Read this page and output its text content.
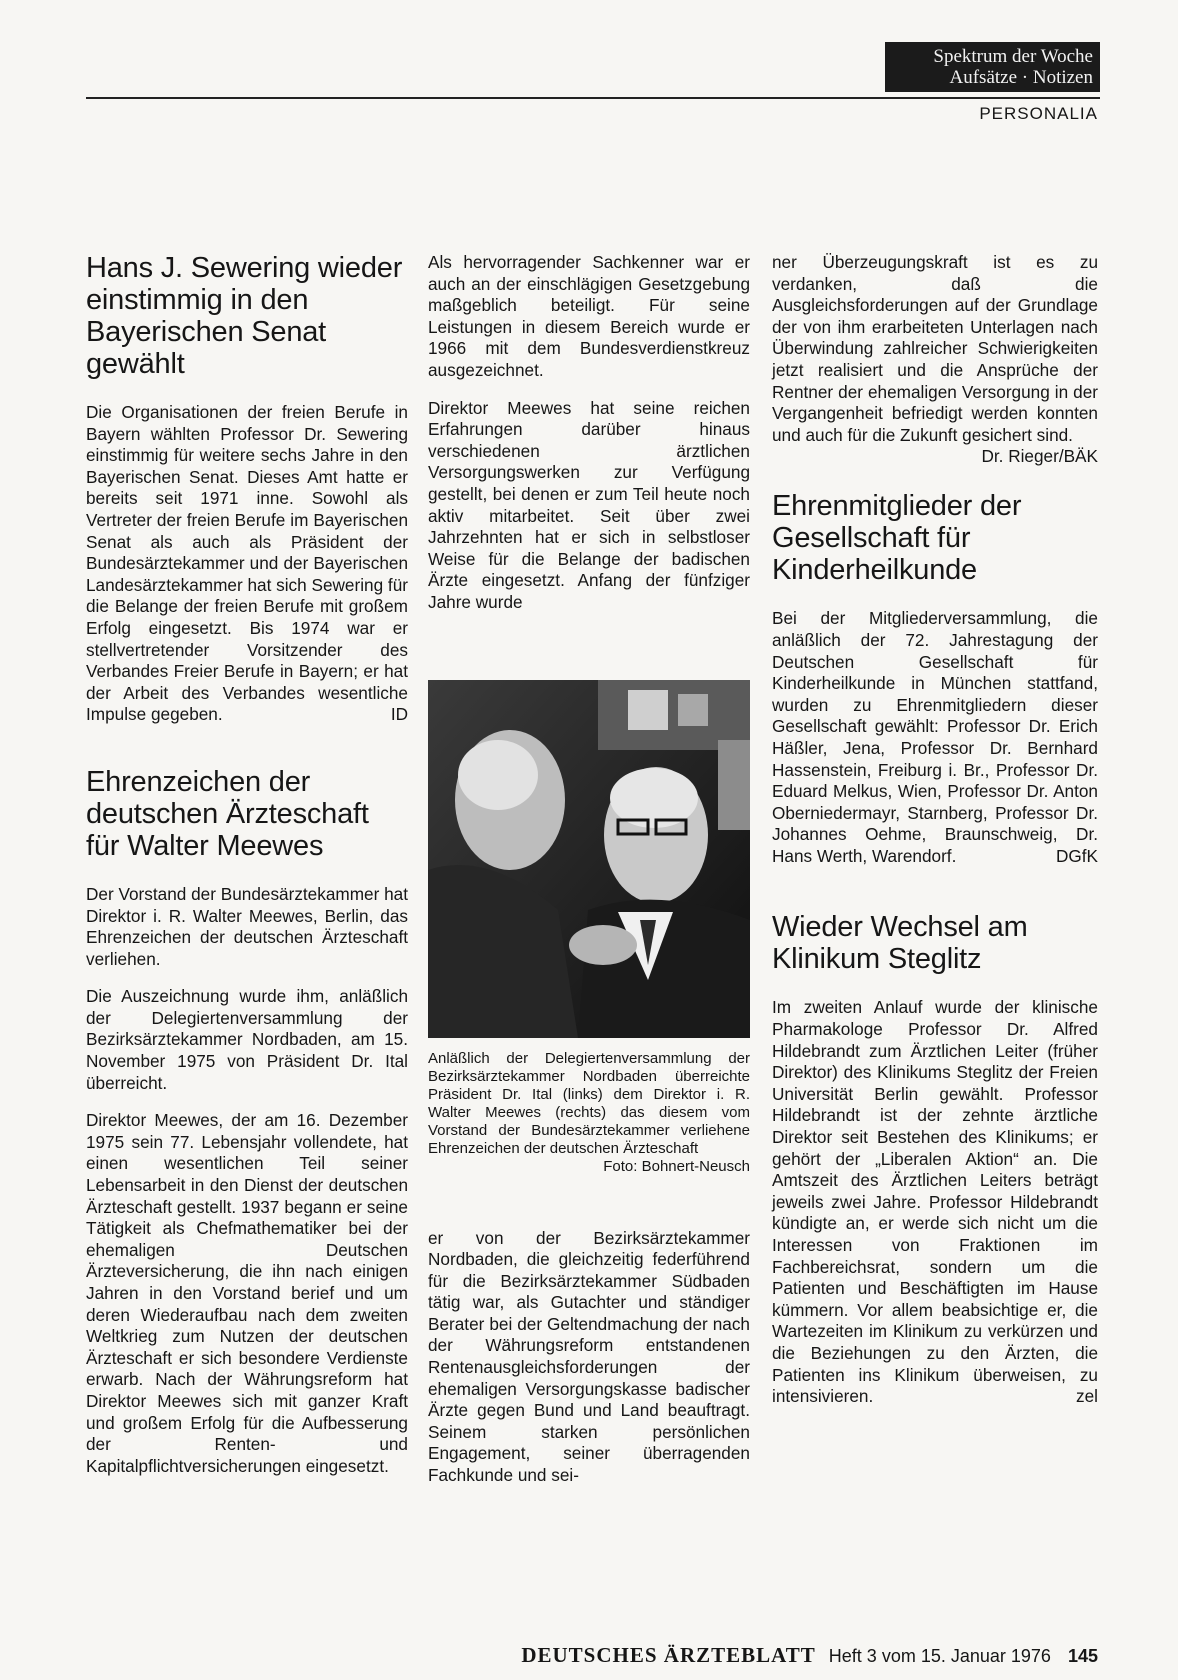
Spektrum der Woche
Aufsätze · Notizen
PERSONALIA
Hans J. Sewering wieder einstimmig in den Bayerischen Senat gewählt

Die Organisationen der freien Berufe in Bayern wählten Professor Dr. Sewering einstimmig für weitere sechs Jahre in den Bayerischen Senat. Dieses Amt hatte er bereits seit 1971 inne. Sowohl als Vertreter der freien Berufe im Bayerischen Senat als auch als Präsident der Bundesärztekammer und der Bayerischen Landesärztekammer hat sich Sewering für die Belange der freien Berufe mit großem Erfolg eingesetzt. Bis 1974 war er stellvertretender Vorsitzender des Verbandes Freier Berufe in Bayern; er hat der Arbeit des Verbandes wesentliche Impulse gegeben.	ID

Ehrenzeichen der deutschen Ärzteschaft für Walter Meewes

Der Vorstand der Bundesärztekammer hat Direktor i. R. Walter Meewes, Berlin, das Ehrenzeichen der deutschen Ärzteschaft verliehen.

Die Auszeichnung wurde ihm, anläßlich der Delegiertenversammlung der Bezirksärztekammer Nordbaden, am 15. November 1975 von Präsident Dr. Ital überreicht.

Direktor Meewes, der am 16. Dezember 1975 sein 77. Lebensjahr vollendete, hat einen wesentlichen Teil seiner Lebensarbeit in den Dienst der deutschen Ärzteschaft gestellt. 1937 begann er seine Tätigkeit als Chefmathematiker bei der ehemaligen Deutschen Ärzteversicherung, die ihn nach einigen Jahren in den Vorstand berief und um deren Wiederaufbau nach dem zweiten Weltkrieg zum Nutzen der deutschen Ärzteschaft er sich besondere Verdienste erwarb. Nach der Währungsreform hat Direktor Meewes sich mit ganzer Kraft und großem Erfolg für die Aufbesserung der Renten- und Kapitalpflichtversicherungen eingesetzt.

Als hervorragender Sachkenner war er auch an der einschlägigen Gesetzgebung maßgeblich beteiligt. Für seine Leistungen in diesem Bereich wurde er 1966 mit dem Bundesverdienstkreuz ausgezeichnet.

Direktor Meewes hat seine reichen Erfahrungen darüber hinaus verschiedenen ärztlichen Versorgungswerken zur Verfügung gestellt, bei denen er zum Teil heute noch aktiv mitarbeitet. Seit über zwei Jahrzehnten hat er sich in selbstloser Weise für die Belange der badischen Ärzte eingesetzt. Anfang der fünfziger Jahre wurde

Anläßlich der Delegiertenversammlung der Bezirksärztekammer Nordbaden überreichte Präsident Dr. Ital (links) dem Direktor i. R. Walter Meewes (rechts) das diesem vom Vorstand der Bundesärztekammer verliehene Ehrenzeichen der deutschen Ärzteschaft
Foto: Bohnert-Neusch

er von der Bezirksärztekammer Nordbaden, die gleichzeitig federführend für die Bezirksärztekammer Südbaden tätig war, als Gutachter und ständiger Berater bei der Geltendmachung der nach der Währungsreform entstandenen Rentenausgleichsforderungen der ehemaligen Versorgungskasse badischer Ärzte gegen Bund und Land beauftragt. Seinem starken persönlichen Engagement, seiner überragenden Fachkunde und sei-

ner Überzeugungskraft ist es zu verdanken, daß die Ausgleichsforderungen auf der Grundlage der von ihm erarbeiteten Unterlagen nach Überwindung zahlreicher Schwierigkeiten jetzt realisiert und die Ansprüche der Rentner der ehemaligen Versorgung in der Vergangenheit befriedigt werden konnten und auch für die Zukunft gesichert sind.
Dr. Rieger/BÄK

Ehrenmitglieder der Gesellschaft für Kinderheilkunde

Bei der Mitgliederversammlung, die anläßlich der 72. Jahrestagung der Deutschen Gesellschaft für Kinderheilkunde in München stattfand, wurden zu Ehrenmitgliedern dieser Gesellschaft gewählt: Professor Dr. Erich Häßler, Jena, Professor Dr. Bernhard Hassenstein, Freiburg i. Br., Professor Dr. Eduard Melkus, Wien, Professor Dr. Anton Oberniedermayr, Starnberg, Professor Dr. Johannes Oehme, Braunschweig, Dr. Hans Werth, Warendorf.	DGfK

Wieder Wechsel am Klinikum Steglitz

Im zweiten Anlauf wurde der klinische Pharmakologe Professor Dr. Alfred Hildebrandt zum Ärztlichen Leiter (früher Direktor) des Klinikums Steglitz der Freien Universität Berlin gewählt. Professor Hildebrandt ist der zehnte ärztliche Direktor seit Bestehen des Klinikums; er gehört der „Liberalen Aktion“ an. Die Amtszeit des Ärztlichen Leiters beträgt jeweils zwei Jahre. Professor Hildebrandt kündigte an, er werde sich nicht um die Interessen von Fraktionen im Fachbereichsrat, sondern um die Patienten und Beschäftigten im Hause kümmern. Vor allem beabsichtige er, die Wartezeiten im Klinikum zu verkürzen und die Beziehungen zu den Ärzten, die Patienten ins Klinikum überweisen, zu intensivieren.	zel

DEUTSCHES ÄRZTEBLATT Heft 3 vom 15. Januar 1976 145
